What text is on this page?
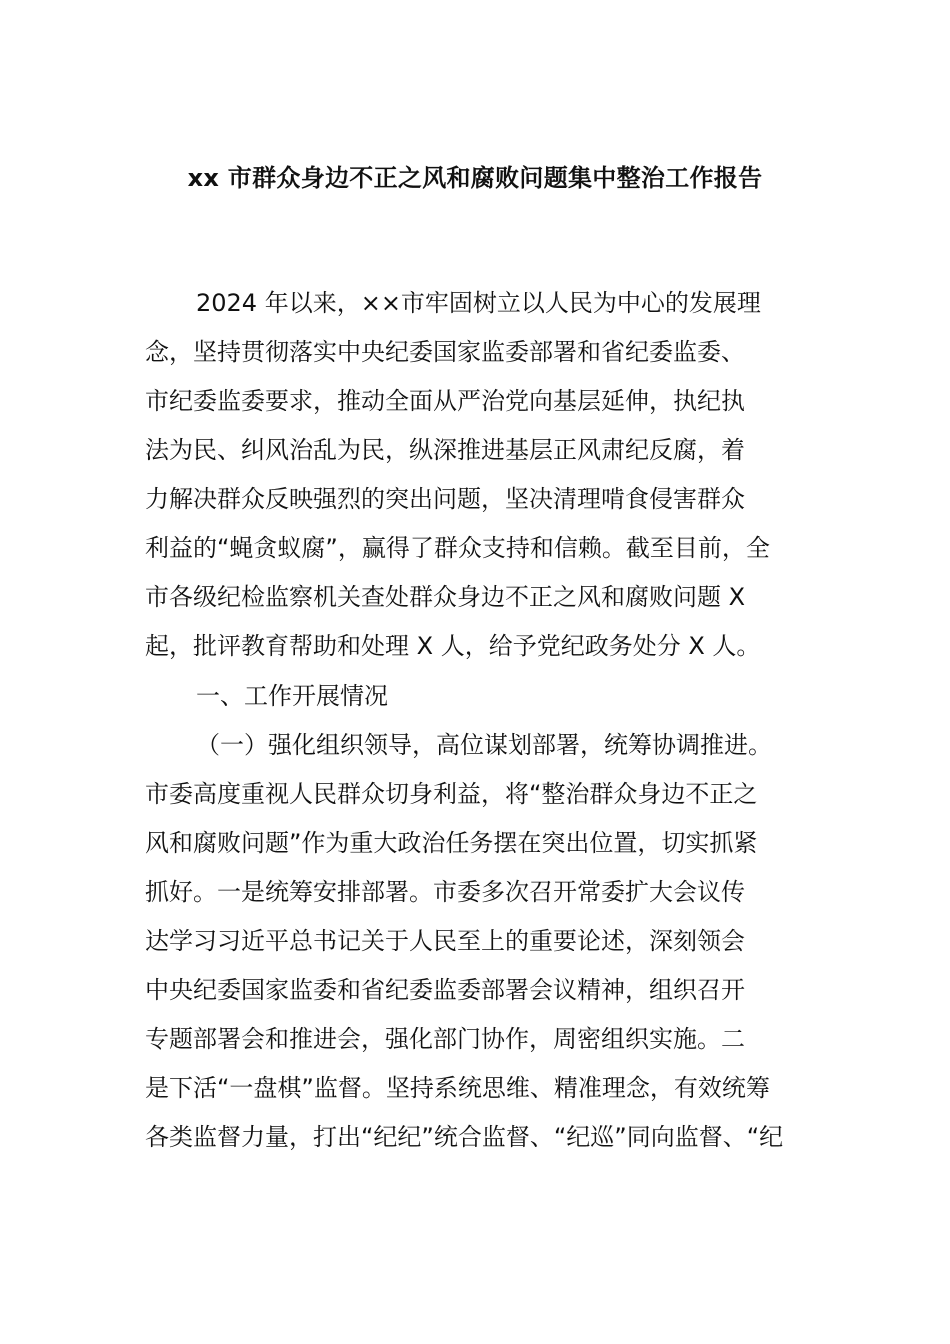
xx 市群众身边不正之风和腐败问题集中整治工作报告
2024 年以来，××市牢固树立以人民为中心的发展理
念，坚持贯彻落实中央纪委国家监委部署和省纪委监委、
市纪委监委要求，推动全面从严治党向基层延伸，执纪执
法为民、纠风治乱为民，纵深推进基层正风肃纪反腐，着
力解决群众反映强烈的突出问题，坚决清理啃食侵害群众
利益的“蝇贪蚁腐”，赢得了群众支持和信赖。截至目前，全
市各级纪检监察机关查处群众身边不正之风和腐败问题 X
起，批评教育帮助和处理 X 人，给予党纪政务处分 X 人。
一、工作开展情况
（一）强化组织领导，高位谋划部署，统筹协调推进。
市委高度重视人民群众切身利益，将“整治群众身边不正之
风和腐败问题”作为重大政治任务摆在突出位置，切实抓紧
抓好。一是统筹安排部署。市委多次召开常委扩大会议传
达学习习近平总书记关于人民至上的重要论述，深刻领会
中央纪委国家监委和省纪委监委部署会议精神，组织召开
专题部署会和推进会，强化部门协作，周密组织实施。二
是下活“一盘棋”监督。坚持系统思维、精准理念，有效统筹
各类监督力量，打出“纪纪”统合监督、“纪巡”同向监督、“纪
